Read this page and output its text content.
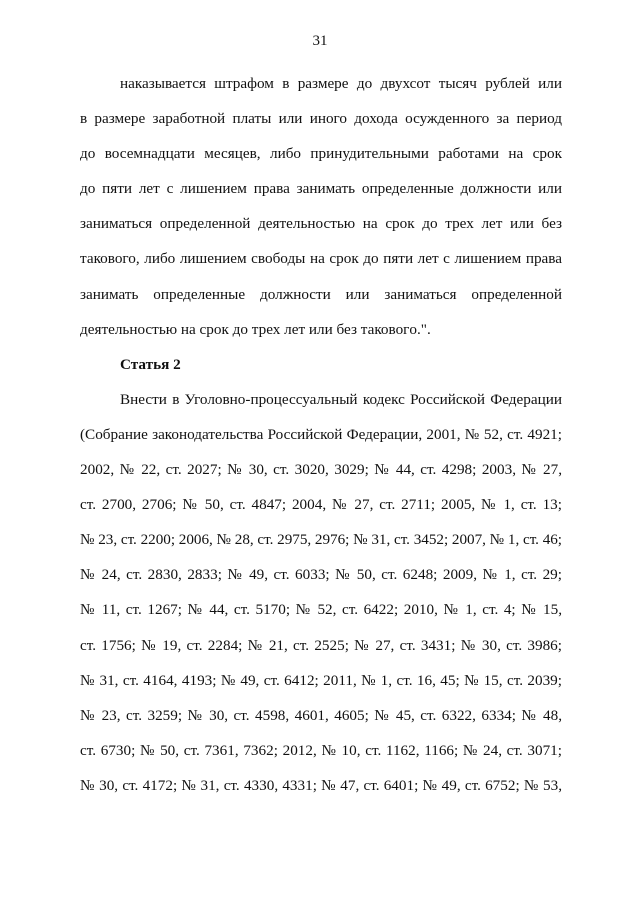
31
наказывается штрафом в размере до двухсот тысяч рублей или
в размере заработной платы или иного дохода осужденного за период
до восемнадцати месяцев, либо принудительными работами на срок
до пяти лет с лишением права занимать определенные должности или
заниматься определенной деятельностью на срок до трех лет или без
такового, либо лишением свободы на срок до пяти лет с лишением права
занимать определенные должности или заниматься определенной
деятельностью на срок до трех лет или без таковогo.".
Статья 2
Внести в Уголовно-процессуальный кодекс Российской Федерации
(Собрание законодательства Российской Федерации, 2001, № 52, ст. 4921;
2002, № 22, ст. 2027; № 30, ст. 3020, 3029; № 44, ст. 4298; 2003, № 27,
ст. 2700, 2706; № 50, ст. 4847; 2004, № 27, ст. 2711; 2005, № 1, ст. 13;
№ 23, ст. 2200; 2006, № 28, ст. 2975, 2976; № 31, ст. 3452; 2007, № 1, ст. 46;
№ 24, ст. 2830, 2833; № 49, ст. 6033; № 50, ст. 6248; 2009, № 1, ст. 29;
№ 11, ст. 1267; № 44, ст. 5170; № 52, ст. 6422; 2010, № 1, ст. 4; № 15,
ст. 1756; № 19, ст. 2284; № 21, ст. 2525; № 27, ст. 3431; № 30, ст. 3986;
№ 31, ст. 4164, 4193; № 49, ст. 6412; 2011, № 1, ст. 16, 45; № 15, ст. 2039;
№ 23, ст. 3259; № 30, ст. 4598, 4601, 4605; № 45, ст. 6322, 6334; № 48,
ст. 6730; № 50, ст. 7361, 7362; 2012, № 10, ст. 1162, 1166; № 24, ст. 3071;
№ 30, ст. 4172; № 31, ст. 4330, 4331; № 47, ст. 6401; № 49, ст. 6752; № 53,
